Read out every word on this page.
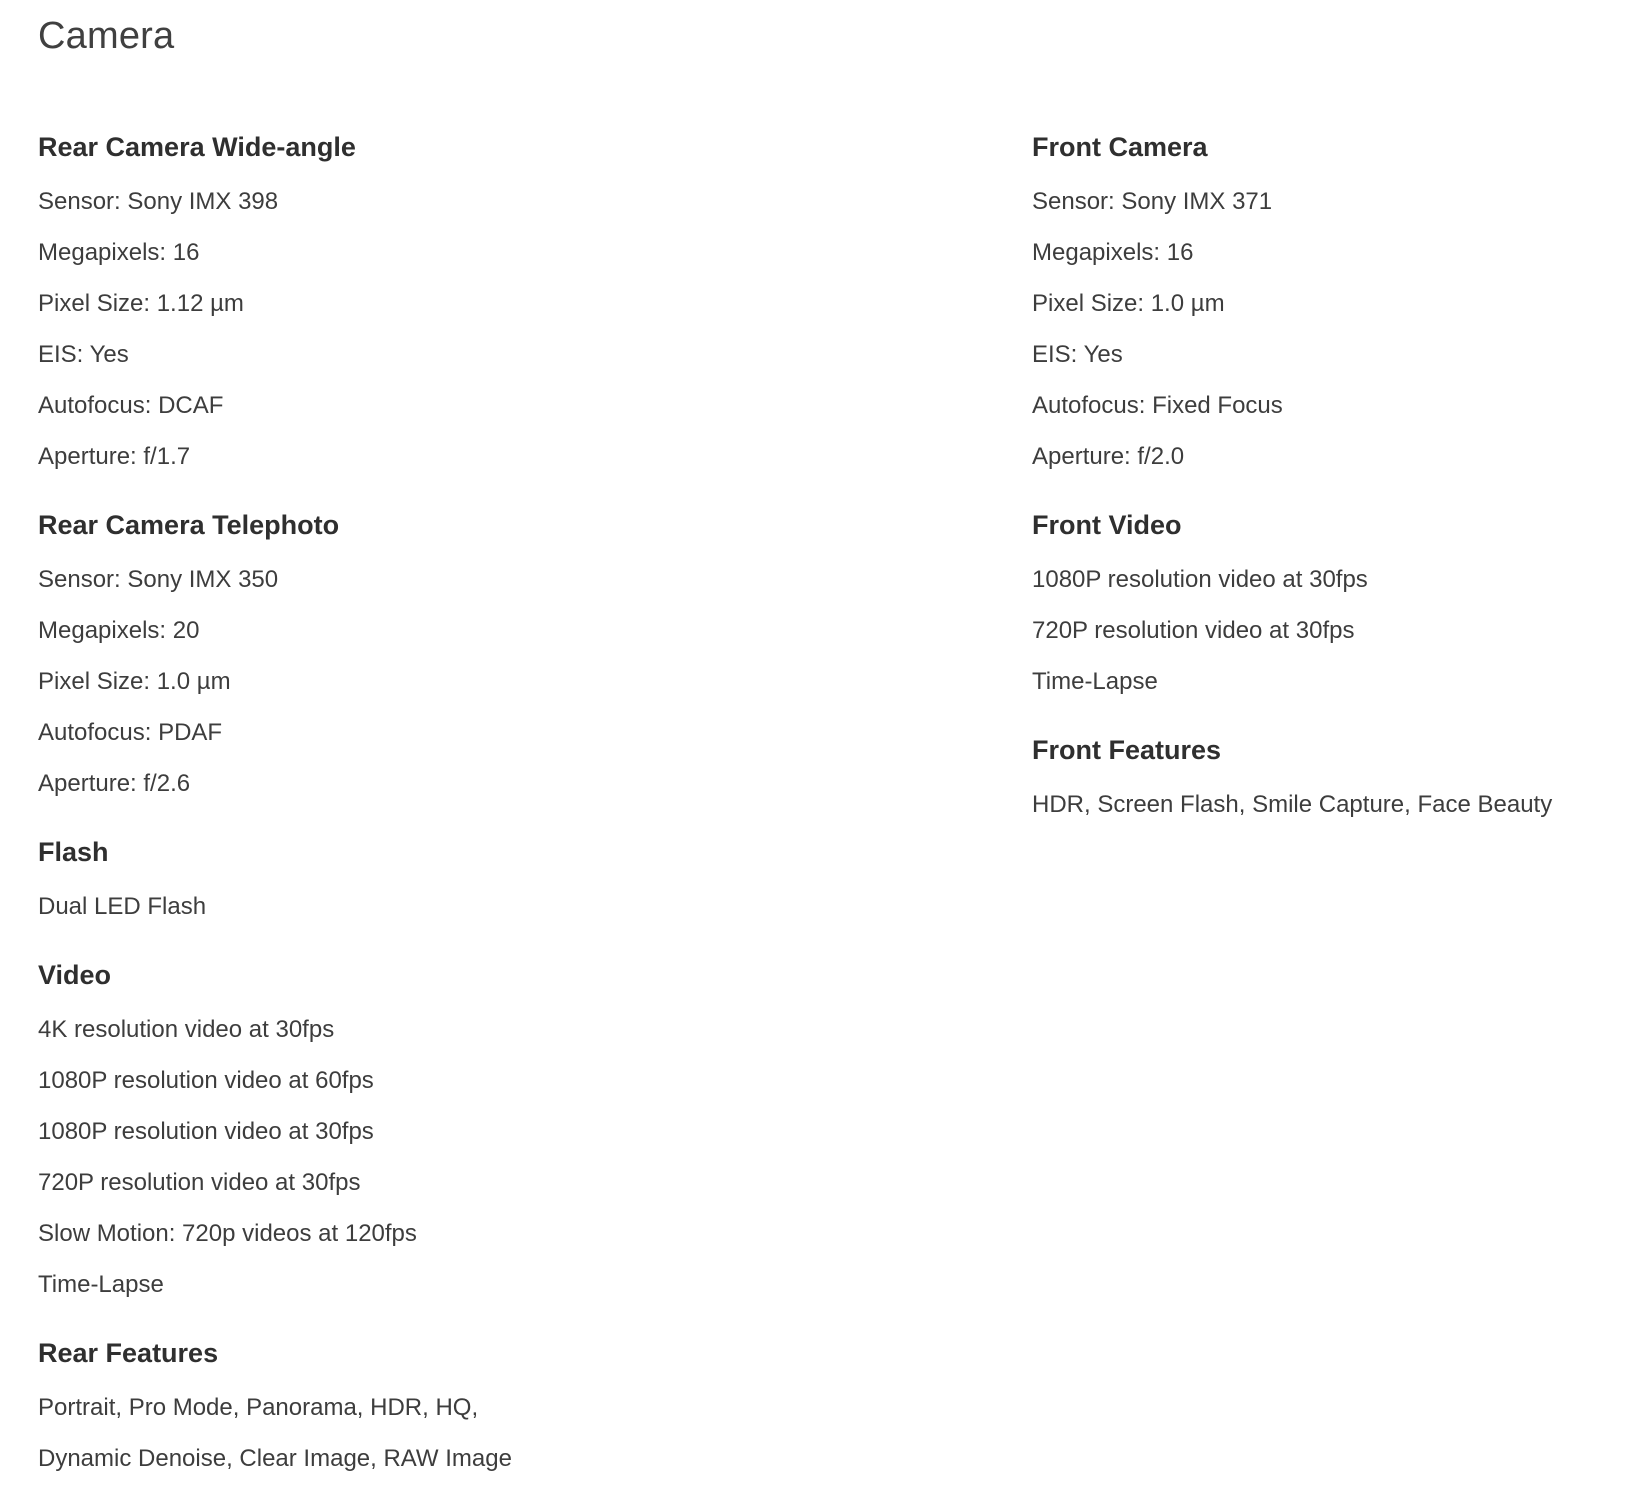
Camera
Rear Camera Wide-angle

Sensor: Sony IMX 398

Megapixels: 16

Pixel Size: 1.12 µm

EIS: Yes

Autofocus: DCAF

Aperture: f/1.7

Rear Camera Telephoto

Sensor: Sony IMX 350

Megapixels: 20

Pixel Size: 1.0 µm

Autofocus: PDAF

Aperture: f/2.6

Flash

Dual LED Flash

Video

4K resolution video at 30fps

1080P resolution video at 60fps

1080P resolution video at 30fps

720P resolution video at 30fps

Slow Motion: 720p videos at 120fps

Time-Lapse

Rear Features

Portrait, Pro Mode, Panorama, HDR, HQ,

Dynamic Denoise, Clear Image, RAW Image

Front Camera

Sensor: Sony IMX 371

Megapixels: 16

Pixel Size: 1.0 µm

EIS: Yes

Autofocus: Fixed Focus

Aperture: f/2.0

Front Video

1080P resolution video at 30fps

720P resolution video at 30fps

Time-Lapse

Front Features

HDR, Screen Flash, Smile Capture, Face Beauty
